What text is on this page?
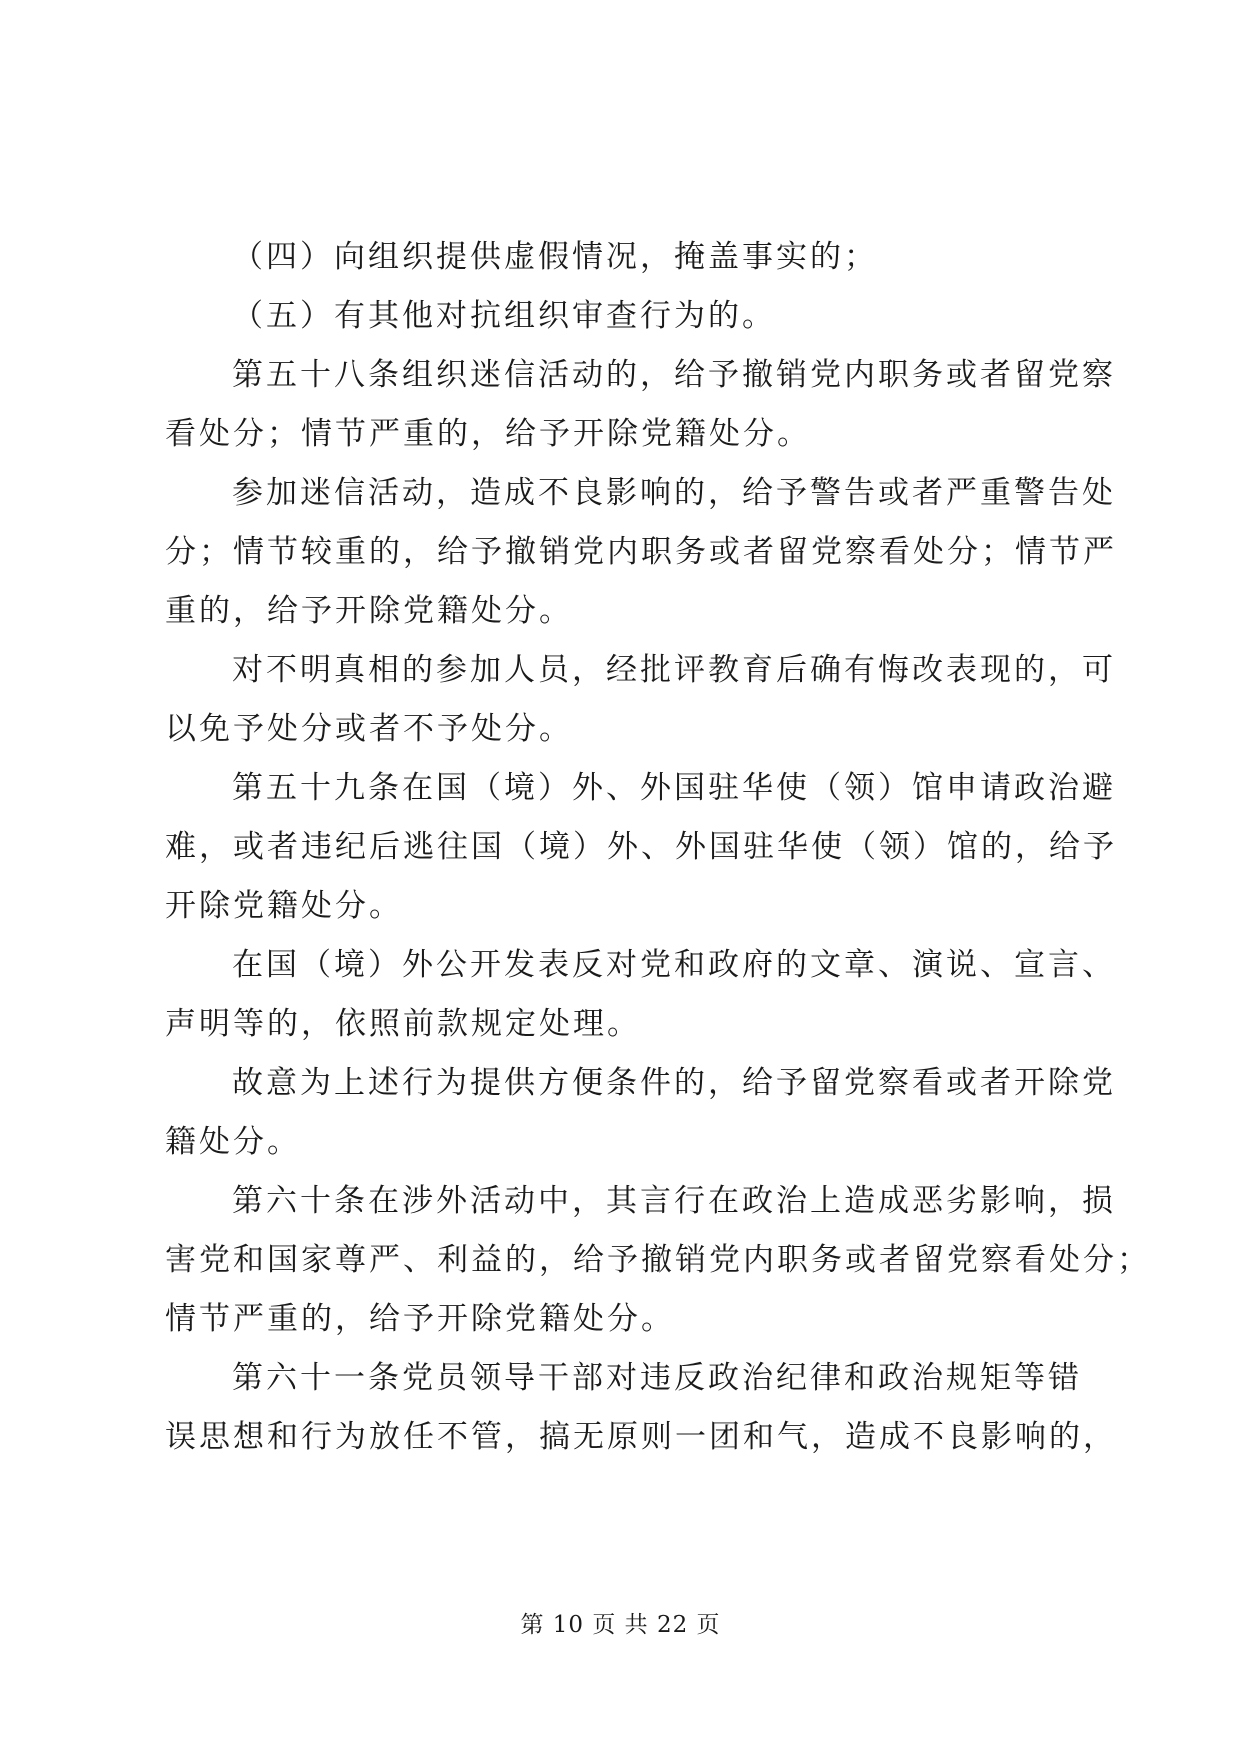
（四）向组织提供虚假情况，掩盖事实的；
（五）有其他对抗组织审查行为的。
第五十八条组织迷信活动的，给予撤销党内职务或者留党察
看处分；情节严重的，给予开除党籍处分。
参加迷信活动，造成不良影响的，给予警告或者严重警告处
分；情节较重的，给予撤销党内职务或者留党察看处分；情节严
重的，给予开除党籍处分。
对不明真相的参加人员，经批评教育后确有悔改表现的，可
以免予处分或者不予处分。
第五十九条在国（境）外、外国驻华使（领）馆申请政治避
难，或者违纪后逃往国（境）外、外国驻华使（领）馆的，给予
开除党籍处分。
在国（境）外公开发表反对党和政府的文章、演说、宣言、
声明等的，依照前款规定处理。
故意为上述行为提供方便条件的，给予留党察看或者开除党
籍处分。
第六十条在涉外活动中，其言行在政治上造成恶劣影响，损
害党和国家尊严、利益的，给予撤销党内职务或者留党察看处分；
情节严重的，给予开除党籍处分。
第六十一条党员领导干部对违反政治纪律和政治规矩等错
误思想和行为放任不管，搞无原则一团和气，造成不良影响的，
第 10 页 共 22 页
